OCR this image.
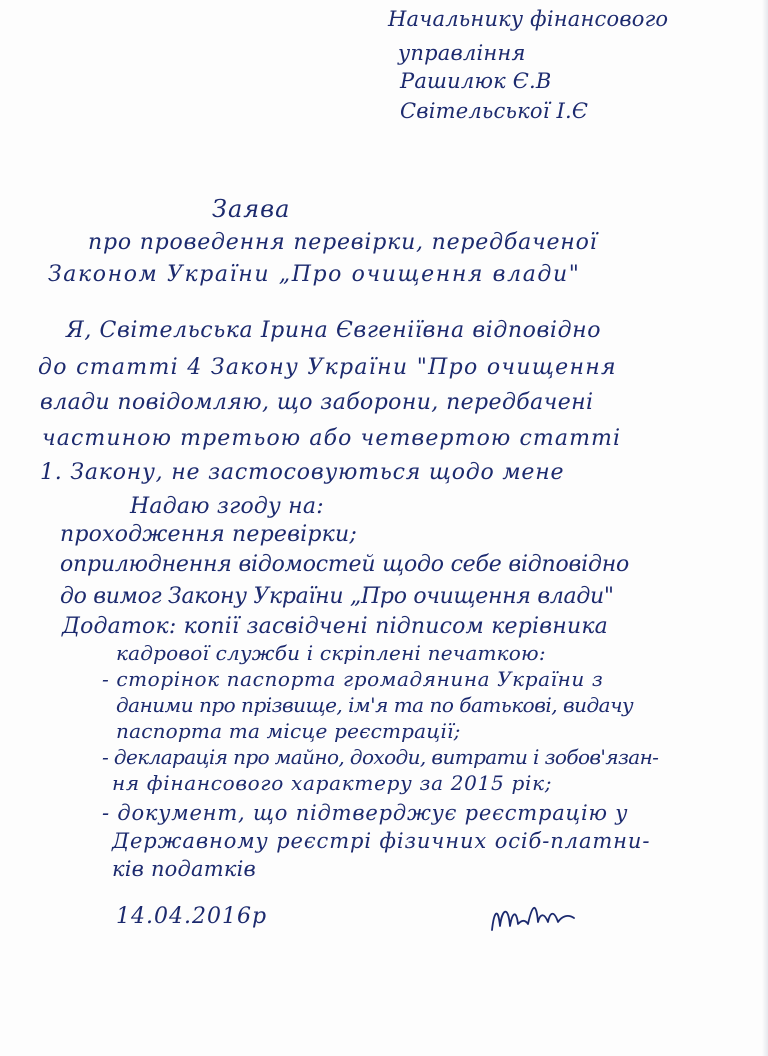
Начальнику фінансового
управління
Рашилюк Є.В
Світельської І.Є
Заява
про проведення перевірки, передбаченої
Законом України „Про очищення влади"
Я, Світельська Ірина Євгеніївна відповідно
до статті 4 Закону України "Про очищення
влади повідомляю, що заборони, передбачені
частиною третьою або четвертою статті
1. Закону, не застосовуються щодо мене
Надаю згоду на:
проходження перевірки;
оприлюднення відомостей щодо себе відповідно
до вимог Закону України „Про очищення влади"
Додаток: копії засвідчені підписом керівника
кадрової служби і скріплені печаткою:
- сторінок паспорта громадянина України з
даними про прізвище, ім'я та по батькові, видачу
паспорта та місце реєстрації;
- декларація про майно, доходи, витрати і зобов'язан-
ня фінансового характеру за 2015 рік;
- документ, що підтверджує реєстрацію у
Державному реєстрі фізичних осіб-платни-
ків податків
14.04.2016р
